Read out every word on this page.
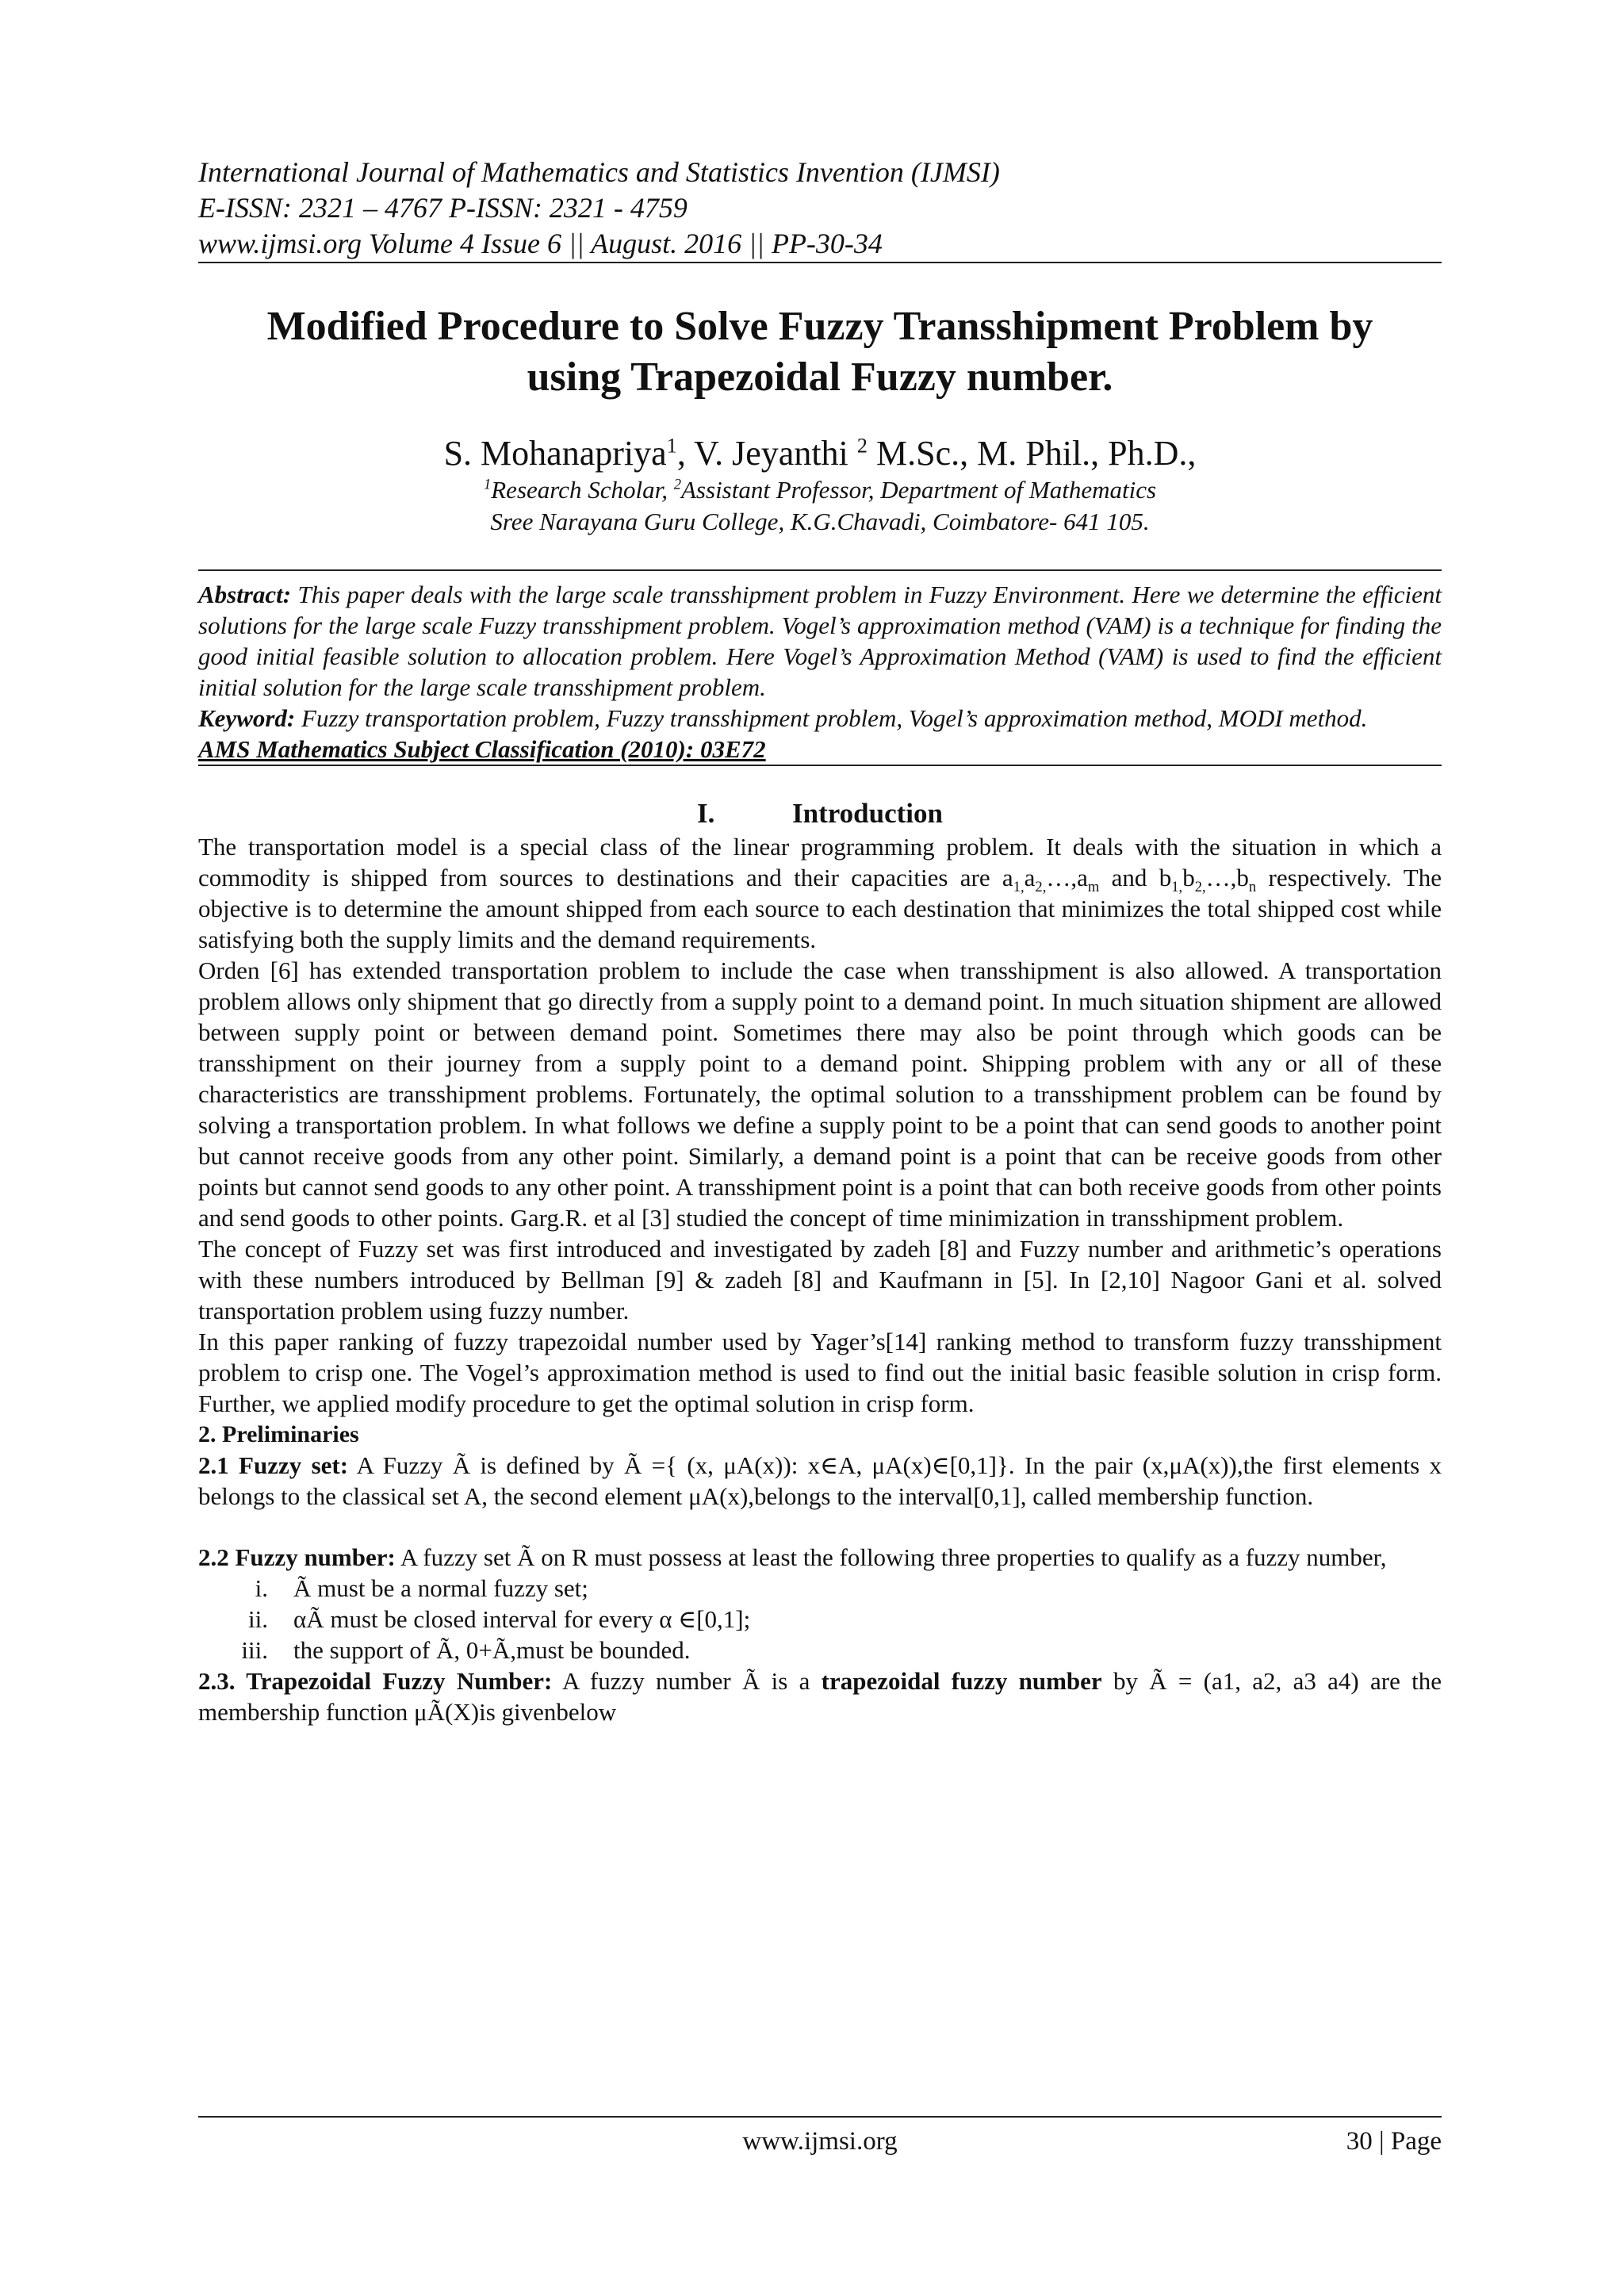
International Journal of Mathematics and Statistics Invention (IJMSI)
E-ISSN: 2321 – 4767 P-ISSN: 2321 - 4759
www.ijmsi.org Volume 4 Issue 6 || August. 2016 || PP-30-34
Modified Procedure to Solve Fuzzy Transshipment Problem by
using Trapezoidal Fuzzy number.
S. Mohanapriya$^1$, V. Jeyanthi $^2$ M.Sc., M. Phil., Ph.D.,
$^1$Research Scholar, $^2$Assistant Professor, Department of Mathematics
Sree Narayana Guru College, K.G.Chavadi, Coimbatore- 641 105.
Abstract: This paper deals with the large scale transshipment problem in Fuzzy Environment. Here we determine the efficient solutions for the large scale Fuzzy transshipment problem. Vogel’s approximation method (VAM) is a technique for finding the good initial feasible solution to allocation problem. Here Vogel’s Approximation Method (VAM) is used to find the efficient initial solution for the large scale transshipment problem.
Keyword: Fuzzy transportation problem, Fuzzy transshipment problem, Vogel’s approximation method, MODI method.
AMS Mathematics Subject Classification (2010): 03E72
I.	Introduction

The transportation model is a special class of the linear programming problem. It deals with the situation in which a commodity is shipped from sources to destinations and their capacities are $a_{1,}a_{2,}\dots,a_m$ and $b_{1,}b_{2,}\dots,b_n$ respectively. The objective is to determine the amount shipped from each source to each destination that minimizes the total shipped cost while satisfying both the supply limits and the demand requirements.

Orden [6] has extended transportation problem to include the case when transshipment is also allowed. A transportation problem allows only shipment that go directly from a supply point to a demand point. In much situation shipment are allowed between supply point or between demand point. Sometimes there may also be point through which goods can be transshipment on their journey from a supply point to a demand point. Shipping problem with any or all of these characteristics are transshipment problems. Fortunately, the optimal solution to a transshipment problem can be found by solving a transportation problem. In what follows we define a supply point to be a point that can send goods to another point but cannot receive goods from any other point. Similarly, a demand point is a point that can be receive goods from other points but cannot send goods to any other point. A transshipment point is a point that can both receive goods from other points and send goods to other points. Garg.R. et al [3] studied the concept of time minimization in transshipment problem.

The concept of Fuzzy set was first introduced and investigated by zadeh [8] and Fuzzy number and arithmetic’s operations with these numbers introduced by Bellman [9] & zadeh [8] and Kaufmann in [5]. In [2,10] Nagoor Gani et al. solved transportation problem using fuzzy number.

In this paper ranking of fuzzy trapezoidal number used by Yager’s[14] ranking method to transform fuzzy transshipment problem to crisp one. The Vogel’s approximation method is used to find out the initial basic feasible solution in crisp form. Further, we applied modify procedure to get the optimal solution in crisp form.

2. Preliminaries

2.1 Fuzzy set: A Fuzzy Ã is defined by Ã ={ (x, μA(x)): x∈A, μA(x)∈[0,1]}. In the pair (x,μA(x)),the first elements x belongs to the classical set A, the second element μA(x),belongs to the interval[0,1], called membership function.

2.2 Fuzzy number: A fuzzy set Ã on R must possess at least the following three properties to qualify as a fuzzy number,

i.	Ã must be a normal fuzzy set;
ii.	αÃ must be closed interval for every α ∈[0,1];
iii.	the support of Ã, 0+Ã,must be bounded.

2.3. Trapezoidal Fuzzy Number: A fuzzy number Ã is a trapezoidal fuzzy number by Ã = (a1, a2, a3 a4) are the membership function μÃ(X)is givenbelow

www.ijmsi.org	30 | Page
